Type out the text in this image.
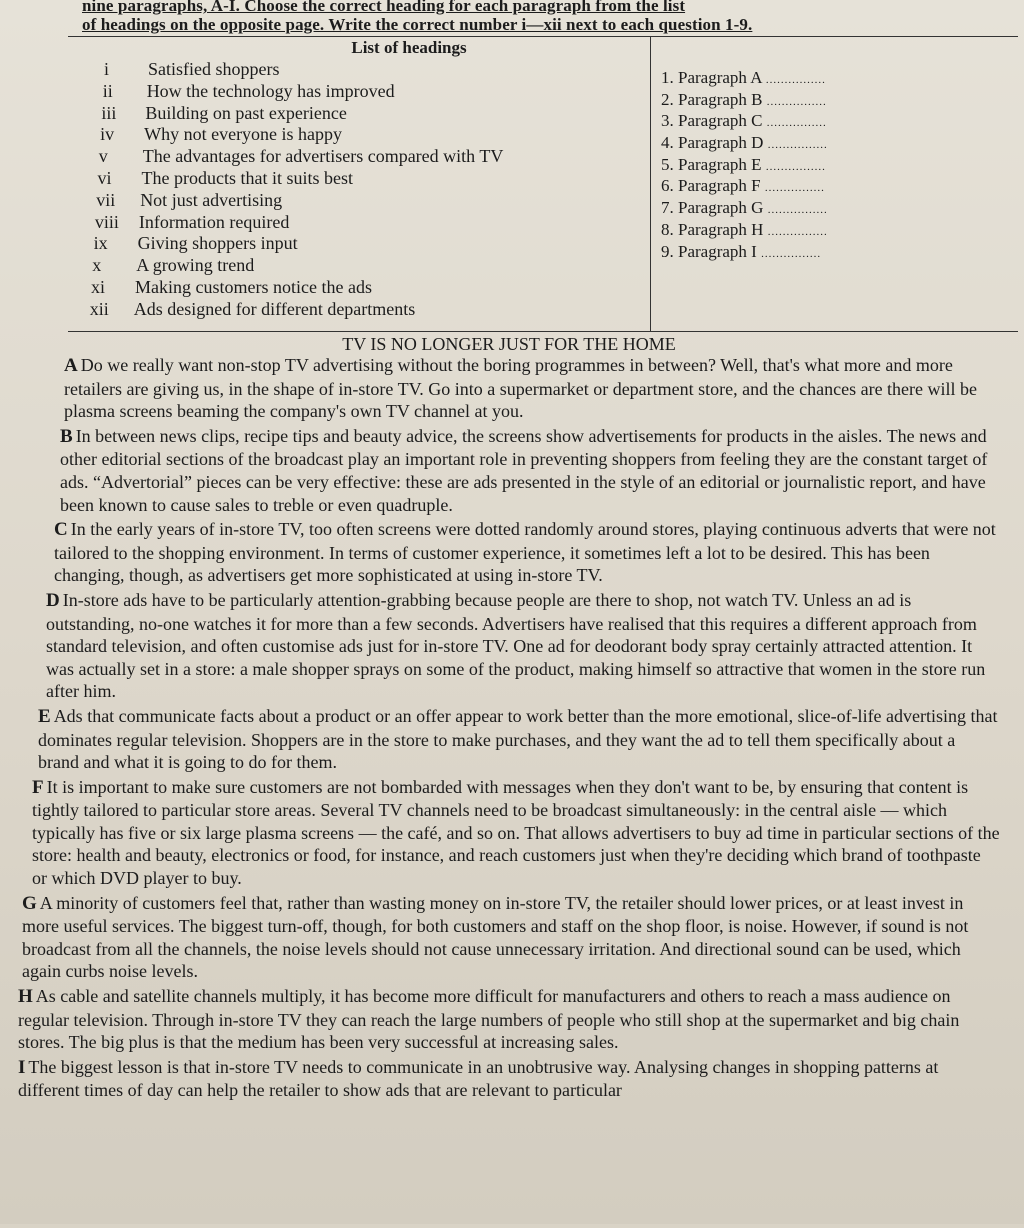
nine paragraphs, A-I. Choose the correct heading for each paragraph from the list
of headings on the opposite page. Write the correct number i—xii next to each question 1-9.
List of headings
i	Satisfied shoppers
ii	How the technology has improved
iii	Building on past experience
iv	Why not everyone is happy
v	The advantages for advertisers compared with TV
vi	The products that it suits best
vii	Not just advertising
viii	Information required
ix	Giving shoppers input
x	A growing trend
xi	Making customers notice the ads
xii	Ads designed for different departments
1. Paragraph A ................
2. Paragraph B ................
3. Paragraph C ................
4. Paragraph D ................
5. Paragraph E ................
6. Paragraph F ................
7. Paragraph G ................
8. Paragraph H ................
9. Paragraph I ................
TV IS NO LONGER JUST FOR THE HOME

A Do we really want non-stop TV advertising without the boring programmes in between? Well, that's what more and more retailers are giving us, in the shape of in-store TV. Go into a supermarket or department store, and the chances are there will be plasma screens beaming the company's own TV channel at you.

B In between news clips, recipe tips and beauty advice, the screens show advertisements for products in the aisles. The news and other editorial sections of the broadcast play an important role in preventing shoppers from feeling they are the constant target of ads. “Advertorial” pieces can be very effective: these are ads presented in the style of an editorial or journalistic report, and have been known to cause sales to treble or even quadruple.

C In the early years of in-store TV, too often screens were dotted randomly around stores, playing continuous adverts that were not tailored to the shopping environment. In terms of customer experience, it sometimes left a lot to be desired. This has been changing, though, as advertisers get more sophisticated at using in-store TV.

D In-store ads have to be particularly attention-grabbing because people are there to shop, not watch TV. Unless an ad is outstanding, no-one watches it for more than a few seconds. Advertisers have realised that this requires a different approach from standard television, and often customise ads just for in-store TV. One ad for deodorant body spray certainly attracted attention. It was actually set in a store: a male shopper sprays on some of the product, making himself so attractive that women in the store run after him.

E Ads that communicate facts about a product or an offer appear to work better than the more emotional, slice-of-life advertising that dominates regular television. Shoppers are in the store to make purchases, and they want the ad to tell them specifically about a brand and what it is going to do for them.

F It is important to make sure customers are not bombarded with messages when they don't want to be, by ensuring that content is tightly tailored to particular store areas. Several TV channels need to be broadcast simultaneously: in the central aisle — which typically has five or six large plasma screens — the café, and so on. That allows advertisers to buy ad time in particular sections of the store: health and beauty, electronics or food, for instance, and reach customers just when they're deciding which brand of toothpaste or which DVD player to buy.

G A minority of customers feel that, rather than wasting money on in-store TV, the retailer should lower prices, or at least invest in more useful services. The biggest turn-off, though, for both customers and staff on the shop floor, is noise. However, if sound is not broadcast from all the channels, the noise levels should not cause unnecessary irritation. And directional sound can be used, which again curbs noise levels.

H As cable and satellite channels multiply, it has become more difficult for manufacturers and others to reach a mass audience on regular television. Through in-store TV they can reach the large numbers of people who still shop at the supermarket and big chain stores. The big plus is that the medium has been very successful at increasing sales.

I The biggest lesson is that in-store TV needs to communicate in an unobtrusive way. Analysing changes in shopping patterns at different times of day can help the retailer to show ads that are relevant to particular
